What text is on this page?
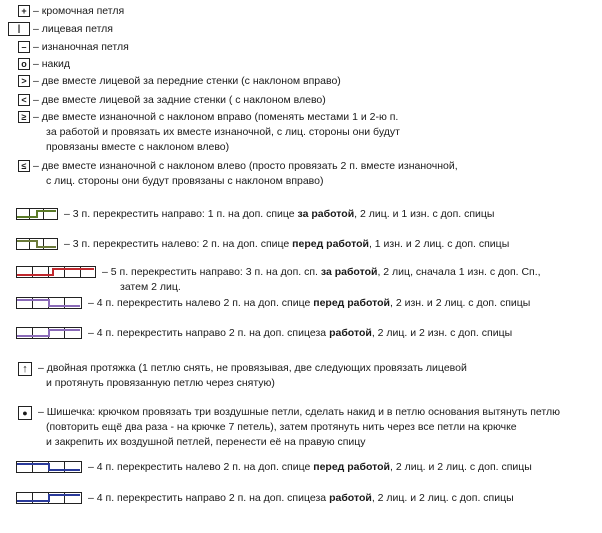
+ – кромочная петля
|	– лицевая петля
– – изнаночная петля
o – накид
> – две вместе лицевой за передние стенки (с наклоном вправо)
< – две вместе лицевой за задние стенки ( с наклоном влево)
≥ – две вместе изнаночной с наклоном вправо (поменять местами 1 и 2-ю п.
за работой и провязать их вместе изнаночной, с лиц. стороны они будут
провязаны вместе с наклоном влево)
≤ – две вместе изнаночной с наклоном влево (просто провязать 2 п. вместе изнаночной,
с лиц. стороны они будут провязаны с наклоном вправо)
– 3 п. перекрестить направо: 1 п. на доп. спице за работой, 2 лиц. и 1 изн. с доп. спицы
– 3 п. перекрестить налево: 2 п. на доп. спице перед работой, 1 изн. и 2 лиц. с доп. спицы
– 5 п. перекрестить направо: 3 п. на доп. сп. за работой, 2 лиц, сначала 1 изн. с доп. Сп.,
затем 2 лиц.
– 4 п. перекрестить налево 2 п. на доп. спице перед работой, 2 изн. и 2 лиц. с доп. спицы
– 4 п. перекрестить направо 2 п. на доп. спицеза работой, 2 лиц. и 2 изн. с доп. спицы
↑ – двойная протяжка (1 петлю снять, не провязывая, две следующих провязать лицевой
и протянуть провязанную петлю через снятую)
● – Шишечка: крючком провязать три воздушные петли, сделать накид и в петлю основания вытянуть петлю
(повторить ещё два раза - на крючке 7 петель), затем протянуть нить через все петли на крючке
и закрепить их воздушной петлей, перенести её на правую спицу
– 4 п. перекрестить налево 2 п. на доп. спице перед работой, 2 лиц. и 2 лиц. с доп. спицы
– 4 п. перекрестить направо 2 п. на доп. спицеза работой, 2 лиц. и 2 лиц. с доп. спицы
